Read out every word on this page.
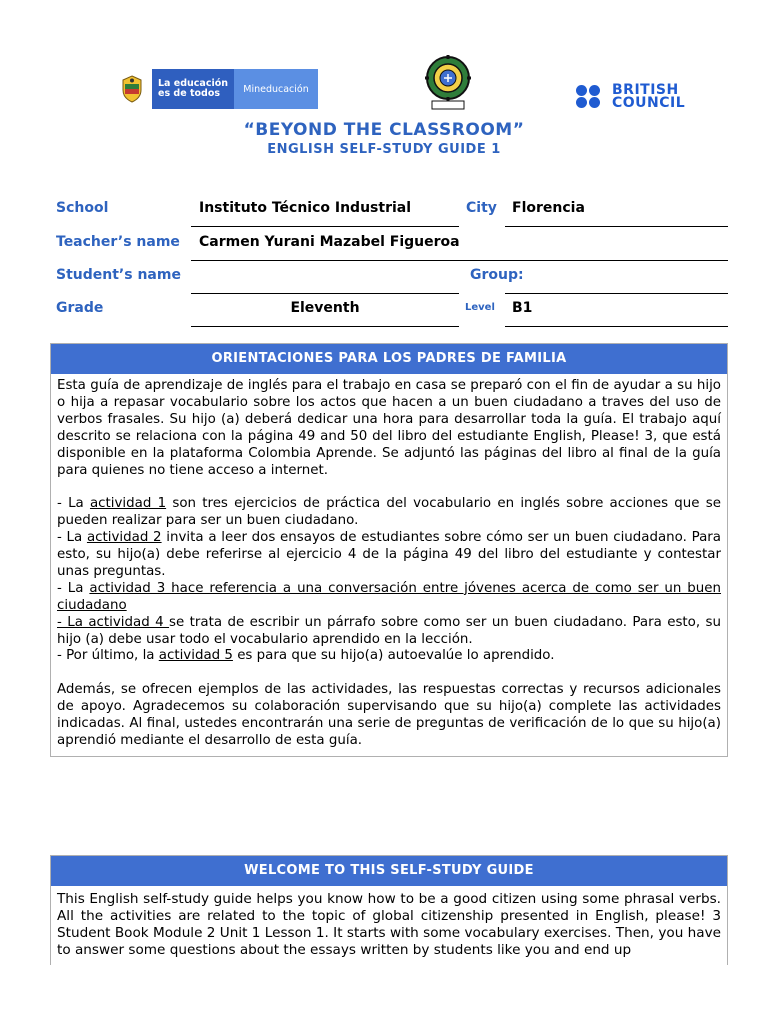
La educación
es de todos	Mineducación	BRITISH
COUNCIL
“BEYOND THE CLASSROOM”
ENGLISH SELF-STUDY GUIDE 1
School	Instituto Técnico Industrial	City Florencia
Teacher’s name Carmen Yurani Mazabel Figueroa
Student’s name	Group:
Grade	Eleventh	Level B1
ORIENTACIONES PARA LOS PADRES DE FAMILIA

Esta guía de aprendizaje de inglés para el trabajo en casa se preparó con el fin de ayudar a su hijo o hija a repasar vocabulario sobre los actos que hacen a un buen ciudadano a traves del uso de verbos frasales. Su hijo (a) deberá dedicar una hora para desarrollar toda la guía. El trabajo aquí descrito se relaciona con la página 49 and 50 del libro del estudiante English, Please! 3, que está disponible en la plataforma Colombia Aprende. Se adjuntó las páginas del libro al final de la guía para quienes no tiene acceso a internet.

- La actividad 1 son tres ejercicios de práctica del vocabulario en inglés sobre acciones que se pueden realizar para ser un buen ciudadano.

- La actividad 2 invita a leer dos ensayos de estudiantes sobre cómo ser un buen ciudadano. Para esto, su hijo(a) debe referirse al ejercicio 4 de la página 49 del libro del estudiante y contestar unas preguntas.

- La actividad 3 hace referencia a una conversación entre jóvenes acerca de como ser un buen ciudadano

- La actividad 4 se trata de escribir un párrafo sobre como ser un buen ciudadano. Para esto, su hijo (a) debe usar todo el vocabulario aprendido en la lección.

- Por último, la actividad 5 es para que su hijo(a) autoevalúe lo aprendido.

Además, se ofrecen ejemplos de las actividades, las respuestas correctas y recursos adicionales

de apoyo. Agradecemos su colaboración supervisando que su hijo(a) complete las actividades indicadas. Al final, ustedes encontrarán una serie de preguntas de verificación de lo que su hijo(a) aprendió mediante el desarrollo de esta guía.

WELCOME TO THIS SELF-STUDY GUIDE
This English self-study guide helps you know how to be a good citizen using some phrasal verbs. All the activities are related to the topic of global citizenship presented in English, please! 3 Student Book Module 2 Unit 1 Lesson 1. It starts with some vocabulary exercises. Then, you have to answer some questions about the essays written by students like you and end up
